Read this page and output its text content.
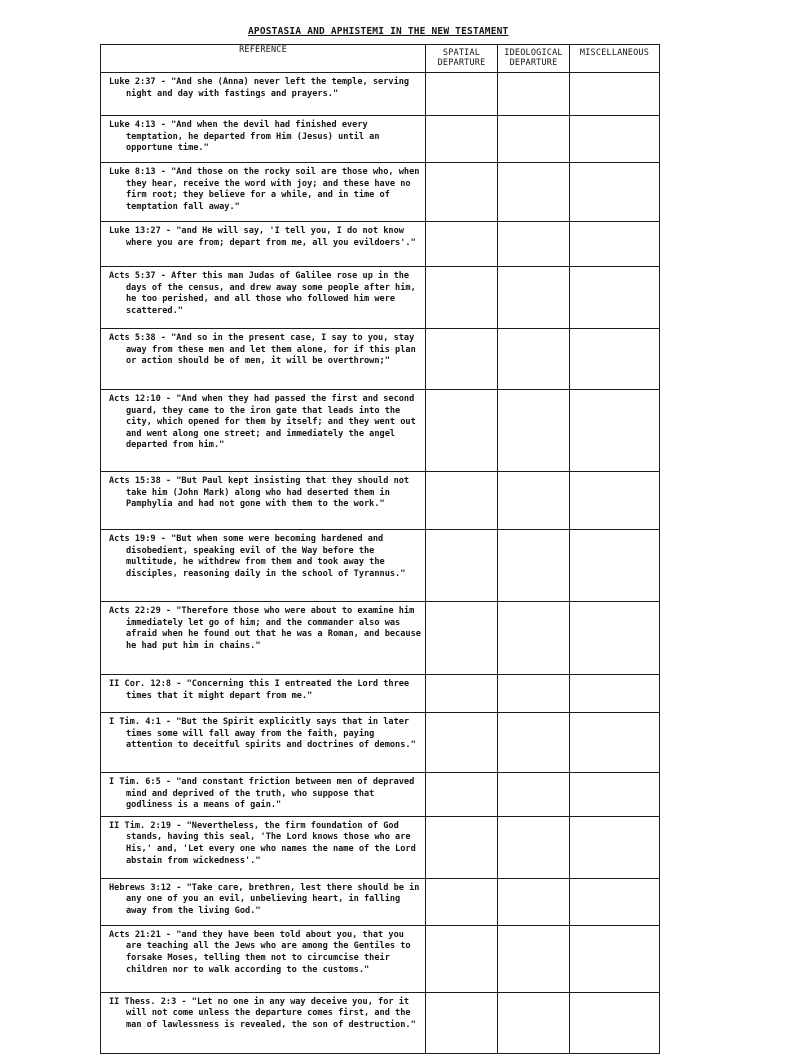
APOSTASIA AND APHISTEMI IN THE NEW TESTAMENT
REFERENCE	SPATIAL DEPARTURE	IDEOLOGICAL DEPARTURE	MISCELLANEOUS

Luke 2:37 - "And she (Anna) never left the temple, serving night and day with fastings and prayers."			

Luke 4:13 - "And when the devil had finished every temptation, he departed from Him (Jesus) until an opportune time."			

Luke 8:13 - "And those on the rocky soil are those who, when they hear, receive the word with joy; and these have no firm root; they believe for a while, and in time of temptation fall away."			

Luke 13:27 - "and He will say, 'I tell you, I do not know where you are from; depart from me, all you evildoers'."			

Acts 5:37 - After this man Judas of Galilee rose up in the days of the census, and drew away some people after him, he too perished, and all those who followed him were scattered."			

Acts 5:38 - "And so in the present case, I say to you, stay away from these men and let them alone, for if this plan or action should be of men, it will be overthrown;"			

Acts 12:10 - "And when they had passed the first and second guard, they came to the iron gate that leads into the city, which opened for them by itself; and they went out and went along one street; and immediately the angel departed from him."			

Acts 15:38 - "But Paul kept insisting that they should not take him (John Mark) along who had deserted them in Pamphylia and had not gone with them to the work."			

Acts 19:9 - "But when some were becoming hardened and disobedient, speaking evil of the Way before the multitude, he withdrew from them and took away the disciples, reasoning daily in the school of Tyrannus."			

Acts 22:29 - "Therefore those who were about to examine him immediately let go of him; and the commander also was afraid when he found out that he was a Roman, and because he had put him in chains."			

II Cor. 12:8 - "Concerning this I entreated the Lord three times that it might depart from me."			

I Tim. 4:1 - "But the Spirit explicitly says that in later times some will fall away from the faith, paying attention to deceitful spirits and doctrines of demons."			

I Tim. 6:5 - "and constant friction between men of depraved mind and deprived of the truth, who suppose that godliness is a means of gain."			

II Tim. 2:19 - "Nevertheless, the firm foundation of God stands, having this seal, 'The Lord knows those who are His,' and, 'Let every one who names the name of the Lord abstain from wickedness'."			

Hebrews 3:12 - "Take care, brethren, lest there should be in any one of you an evil, unbelieving heart, in falling away from the living God."			

Acts 21:21 - "and they have been told about you, that you are teaching all the Jews who are among the Gentiles to forsake Moses, telling them not to circumcise their children nor to walk according to the customs."			

II Thess. 2:3 - "Let no one in any way deceive you, for it will not come unless the departure comes first, and the man of lawlessness is revealed, the son of destruction."			
